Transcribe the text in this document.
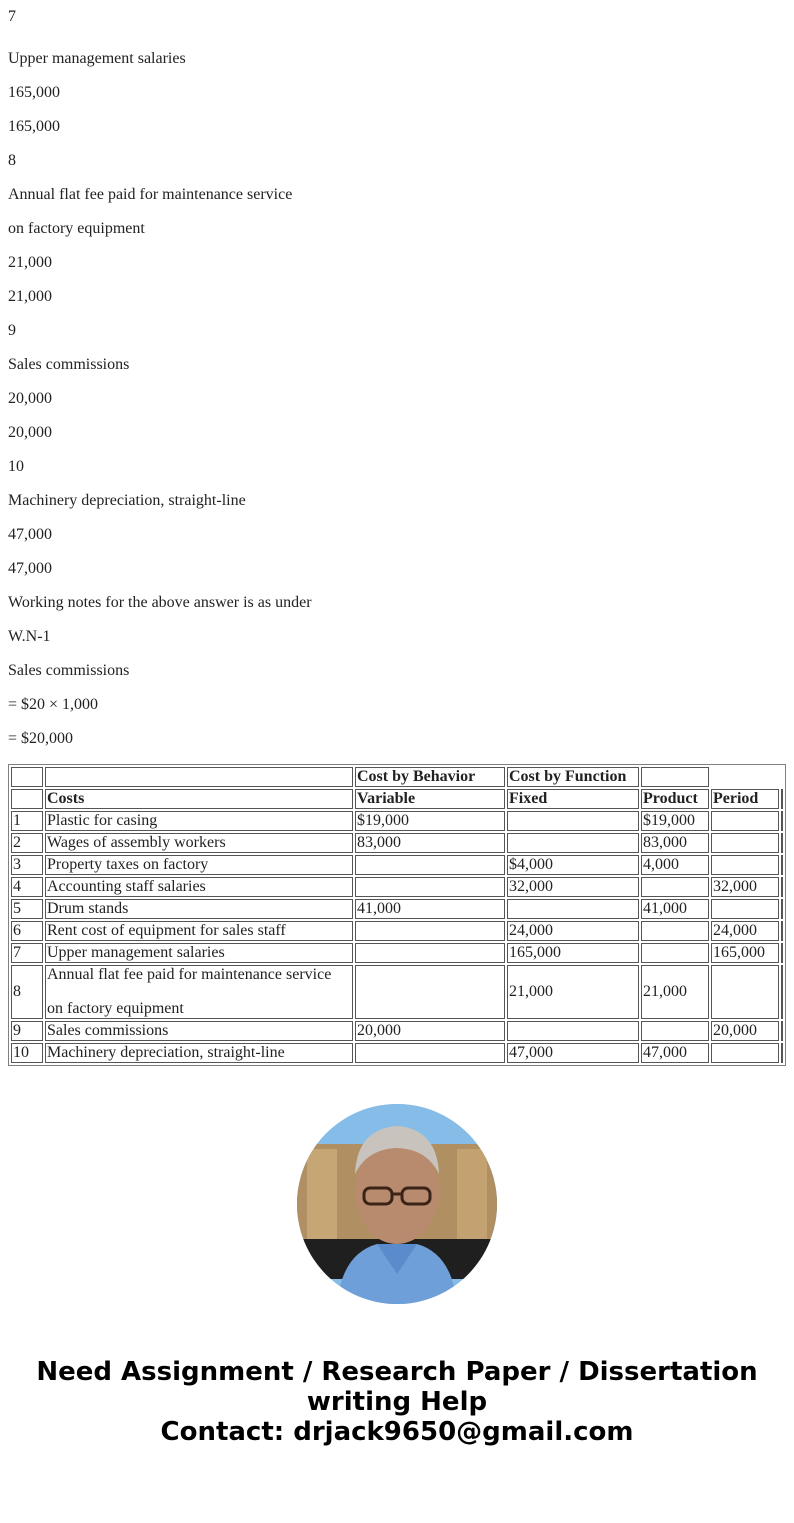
7

Upper management salaries

165,000

165,000

8

Annual flat fee paid for maintenance service

on factory equipment

21,000

21,000

9

Sales commissions

20,000

20,000

10

Machinery depreciation, straight-line

47,000

47,000

Working notes for the above answer is as under

W.N-1

Sales commissions

= $20 × 1,000

= $20,000

		Cost by Behavior	Cost by Function			
	Costs	Variable	Fixed	Product	Period	
1	Plastic for casing	$19,000		$19,000		
2	Wages of assembly workers	83,000		83,000		
3	Property taxes on factory		$4,000	4,000		
4	Accounting staff salaries		32,000		32,000	
5	Drum stands	41,000		41,000		
6	Rent cost of equipment for sales staff		24,000		24,000	
7	Upper management salaries		165,000		165,000	
8	Annual flat fee paid for maintenance service
on factory equipment		21,000	21,000		
9	Sales commissions	20,000			20,000	
10	Machinery depreciation, straight-line		47,000	47,000		
Need Assignment / Research Paper / Dissertation
writing Help
Contact: drjack9650@gmail.com
